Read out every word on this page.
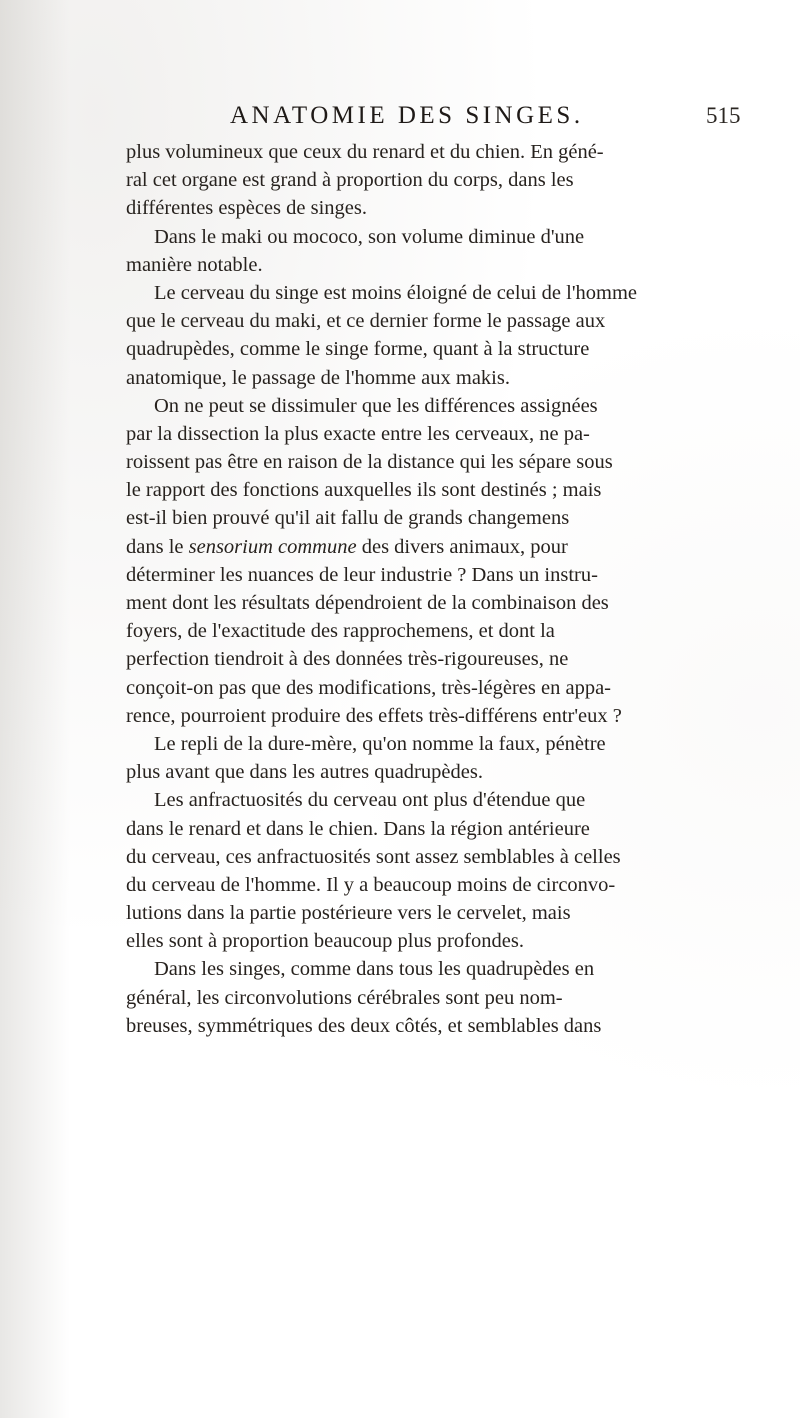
ANATOMIE DES SINGES.	515
plus volumineux que ceux du renard et du chien. En géné-
ral cet organe est grand à proportion du corps, dans les
différentes espèces de singes.
Dans le maki ou mococo, son volume diminue d'une
manière notable.
Le cerveau du singe est moins éloigné de celui de l'homme
que le cerveau du maki, et ce dernier forme le passage aux
quadrupèdes, comme le singe forme, quant à la structure
anatomique, le passage de l'homme aux makis.
On ne peut se dissimuler que les différences assignées
par la dissection la plus exacte entre les cerveaux, ne pa-
roissent pas être en raison de la distance qui les sépare sous
le rapport des fonctions auxquelles ils sont destinés ; mais
est-il bien prouvé qu'il ait fallu de grands changemens
dans le sensorium commune des divers animaux, pour
déterminer les nuances de leur industrie ? Dans un instru-
ment dont les résultats dépendroient de la combinaison des
foyers, de l'exactitude des rapprochemens, et dont la
perfection tiendroit à des données très-rigoureuses, ne
conçoit-on pas que des modifications, très-légères en appa-
rence, pourroient produire des effets très-différens entr'eux ?
Le repli de la dure-mère, qu'on nomme la faux, pénètre
plus avant que dans les autres quadrupèdes.
Les anfractuosités du cerveau ont plus d'étendue que
dans le renard et dans le chien. Dans la région antérieure
du cerveau, ces anfractuosités sont assez semblables à celles
du cerveau de l'homme. Il y a beaucoup moins de circonvo-
lutions dans la partie postérieure vers le cervelet, mais
elles sont à proportion beaucoup plus profondes.
Dans les singes, comme dans tous les quadrupèdes en
général, les circonvolutions cérébrales sont peu nom-
breuses, symmétriques des deux côtés, et semblables dans
